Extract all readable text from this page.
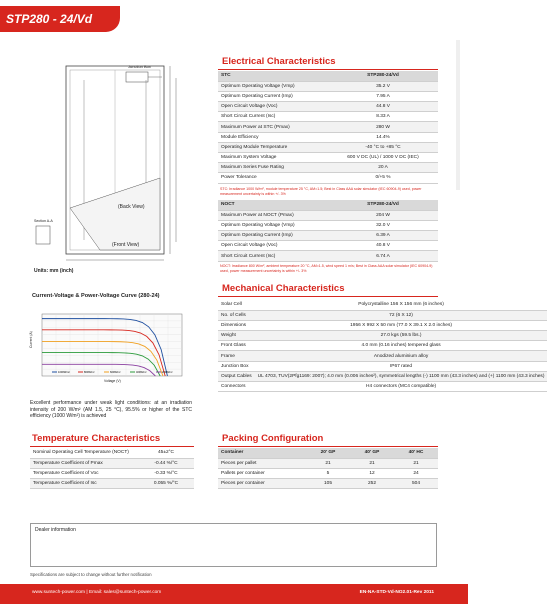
STP280 - 24/Vd
Junction Box
(Back View)
(Front View)
Section A-A
Units: mm (inch)
Current-Voltage & Power-Voltage Curve (280-24)
Current (A)
Voltage (V)
1000W/m²	800W/m²	600W/m²	400W/m²	200W/m²
Excellent performance under weak light conditions: at an irradiation intensity of 200 W/m² (AM 1.5, 25 °C), 95.5% or higher of the STC efficiency (1000 W/m²) is achieved
Electrical Characteristics
STC	STP280-24/Vd
Optimum Operating Voltage (Vmp)	35.2 V
Optimum Operating Current (Imp)	7.95 A
Open Circuit Voltage (Voc)	44.8 V
Short Circuit Current (Isc)	8.33 A
Maximum Power at STC (Pmax)	280 W
Module Efficiency	14.4%
Operating Module Temperature	-40 °C to +85 °C
Maximum System Voltage	600 V DC (UL) / 1000 V DC (IEC)
Maximum Series Fuse Rating	20 A
Power Tolerance	0/+5 %
STC: Irradiance 1000 W/m², module temperature 25 °C, AM=1.5; Best in Class AAA solar simulator (IEC 60904-9) used, power measurement uncertainty is within +/- 3%
NOCT	STP280-24/Vd
Maximum Power at NOCT (Pmax)	204 W
Optimum Operating Voltage (Vmp)	32.0 V
Optimum Operating Current (Imp)	6.39 A
Open Circuit Voltage (Voc)	40.8 V
Short Circuit Current (Isc)	6.74 A
NOCT: Irradiance 800 W/m², ambient temperature 20 °C, AM=1.5, wind speed 1 m/s; Best in Class AAA solar simulator (IEC 60904-9) used, power measurement uncertainty is within +/- 3%
Mechanical Characteristics
Solar Cell	Polycrystalline 156 X 156 mm (6 inches)
No. of Cells	72 (6 X 12)
Dimensions	1956 X 992 X 50 mm (77.0 X 39.1 X 2.0 inches)
Weight	27.0 kgs (59.5 lbs.)
Front Glass	4.0 mm (0.16 inches) tempered glass
Frame	Anodized aluminium alloy
Junction Box	IP67 rated
Output Cables	UL 4703, TUV(2Pfg1169: 2007); 4.0 mm (0.006 inches²), symmetrical lengths (-) 1100 mm (43.3 inches) and (+) 1100 mm (43.3 inches)
Connectors	H4 connectors (MC4 compatible)
Temperature Characteristics
Nominal Operating Cell Temperature (NOCT)	45±2°C
Temperature Coefficient of Pmax	-0.44 %/°C
Temperature Coefficient of Voc	-0.33 %/°C
Temperature Coefficient of Isc	0.055 %/°C
Packing Configuration
Container	20' GP	40' GP	40' HC
Pieces per pallet	21	21	21
Pallets per container	5	12	24
Pieces per container	105	252	504
Dealer information
Specifications are subject to change without further notification
www.suntech-power.com | Email: sales@suntech-power.com	EN-NA-STD-Vd-NO2.01-Rev 2011
